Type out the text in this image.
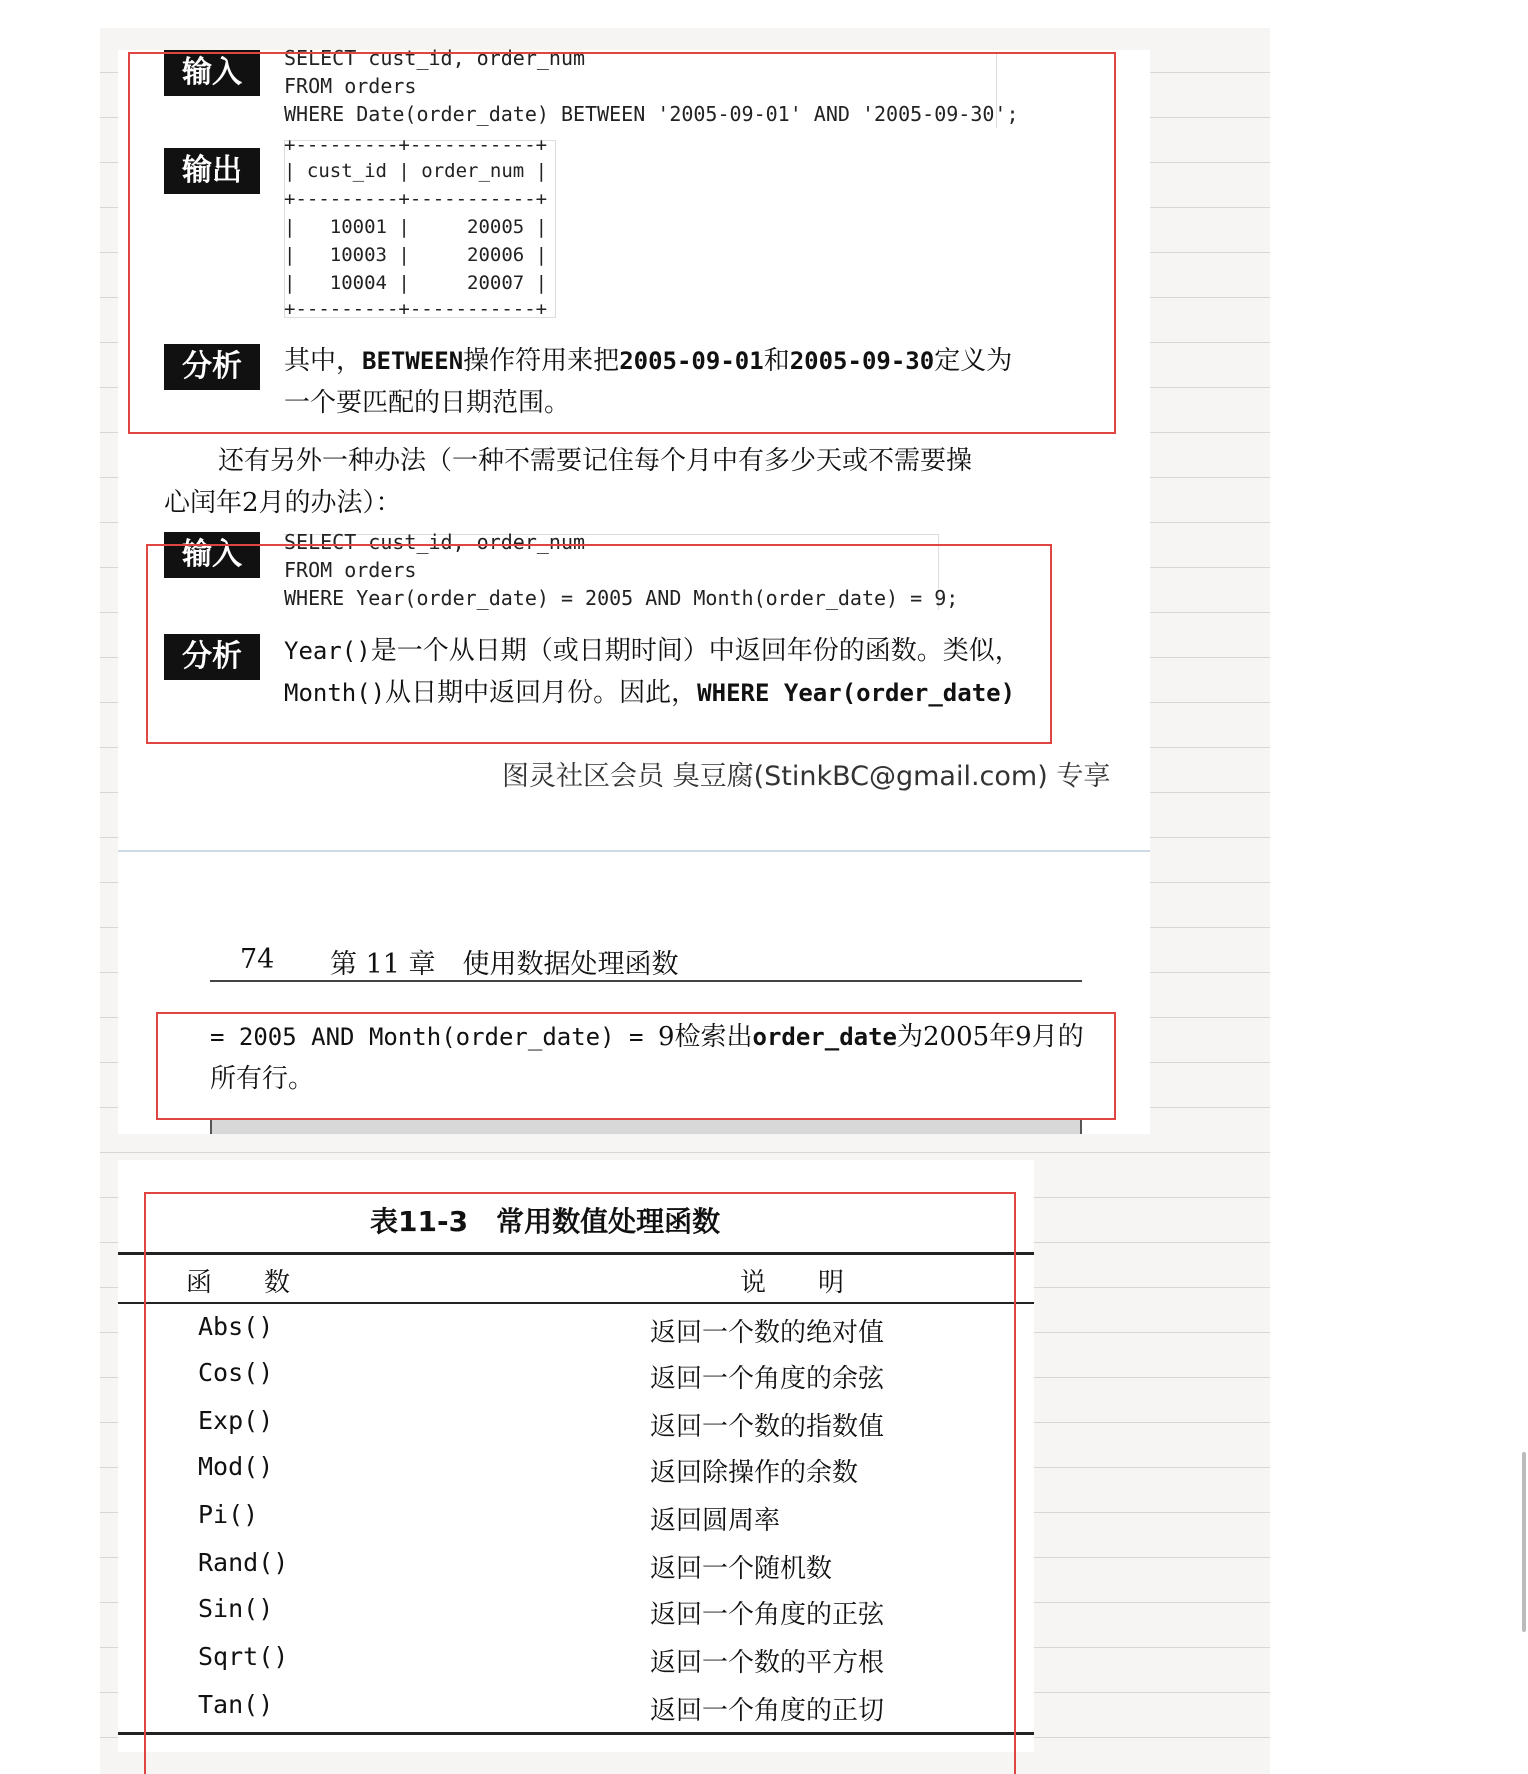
输入	SELECT cust_id, order_num
FROM orders
WHERE Date(order_date) BETWEEN '2005-09-01' AND '2005-09-30';
输出
+---------+-----------+
| cust_id | order_num |
+---------+-----------+
|   10001 |     20005 |
|   10003 |     20006 |
|   10004 |     20007 |
+---------+-----------+
分析	其中，BETWEEN操作符用来把2005-09-01和2005-09-30定义为
一个要匹配的日期范围。
还有另外一种办法（一种不需要记住每个月中有多少天或不需要操
心闰年2月的办法）：
输入	SELECT cust_id, order_num
FROM orders
WHERE Year(order_date) = 2005 AND Month(order_date) = 9;
分析	Year()是一个从日期（或日期时间）中返回年份的函数。类似，
Month()从日期中返回月份。因此，WHERE Year(order_date)
图灵社区会员 臭豆腐(StinkBC@gmail.com) 专享
74 第 11 章　使用数据处理函数
= 2005 AND Month(order_date) = 9检索出order_date为2005年9月的
所有行。
表11-3　常用数值处理函数
函　　数	说　　明
Abs()	返回一个数的绝对值
Cos()	返回一个角度的余弦
Exp()	返回一个数的指数值
Mod()	返回除操作的余数
Pi()	返回圆周率
Rand()	返回一个随机数
Sin()	返回一个角度的正弦
Sqrt()	返回一个数的平方根
Tan()	返回一个角度的正切
